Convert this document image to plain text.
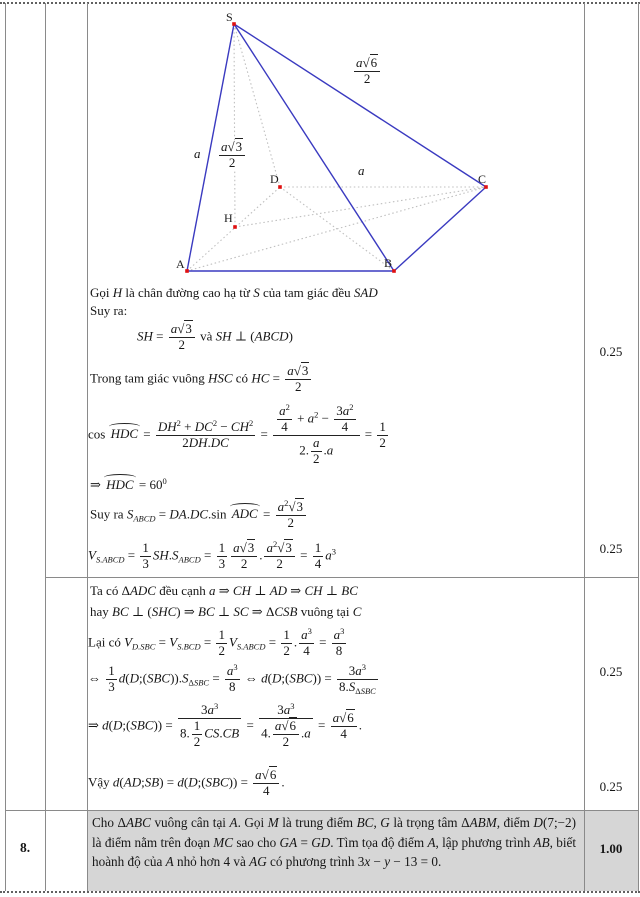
S
A	B
C
D
H
a $\frac{a√3}{2}$
$\frac{a√6}{2}$
a
Gọi H là chân đường cao hạ từ S của tam giác đều SAD
Suy ra:
SH = $\frac{a√3}{2}$ và SH ⊥ (ABCD)
Trong tam giác vuông HSC có HC = $\frac{a√3}{2}$
cos HDC = $\frac{DH^2 + DC^2 - CH^2}{2DH.DC} = \frac{\frac{a^2}{4} + a^2 - \frac{3a^2}{4}}{2. \frac{a}{2} .a} = \frac{1}{2}$
⇒ HDC = $60^0$
Suy ra $S_{ABCD} = DA.DC.\sin$ ADC = $\frac{a^2√3}{2}$
$V_{S.ABCD} = \frac{1}{3} SH.S_{ABCD} = \frac{1}{3} \frac{a√3}{2}$ . $\frac{a^2√3}{2} = \frac{1}{4} a^3$
Ta có ΔADC đều cạnh a ⇒ CH ⊥ AD ⇒ CH ⊥ BC
hay BC ⊥ (SHC) ⇒ BC ⊥ SC ⇒ ΔCSB vuông tại C
Lại có $V_{D.SBC} = V_{S.BCD} = \frac{1}{2} V_{S.ABCD} = \frac{1}{2}$ . $\frac{a^3}{4} = \frac{a^3}{8}$
⇔ $\frac{1}{3}$ $d(D;(SBC)).S_{\Delta SBC} = \frac{a^3}{8}$ ⇔ d(D;(SBC)) = $\frac{3a^3}{8.S_{\Delta SBC}}$
⇒ d(D;(SBC)) = $\frac{3a^3}{8. \frac{1}{2} CS.CB} = \frac{3a^3}{4. \frac{a√6}{2} .a} = \frac{a√6}{4}$ .
Vậy d(AD;SB) = d(D;(SBC)) = $\frac{a√6}{4}$ .
0.25
0.25
0.25
0.25
1.00
8.
Cho ΔABC vuông cân tại A. Gọi M là trung điểm BC, G là trọng tâm ΔABM, điểm D(7;−2) là điểm nằm trên đoạn MC sao cho GA = GD. Tìm tọa độ điểm A, lập phương trình AB, biết hoành độ của A nhỏ hơn 4 và AG có phương trình 3x − y − 13 = 0.
